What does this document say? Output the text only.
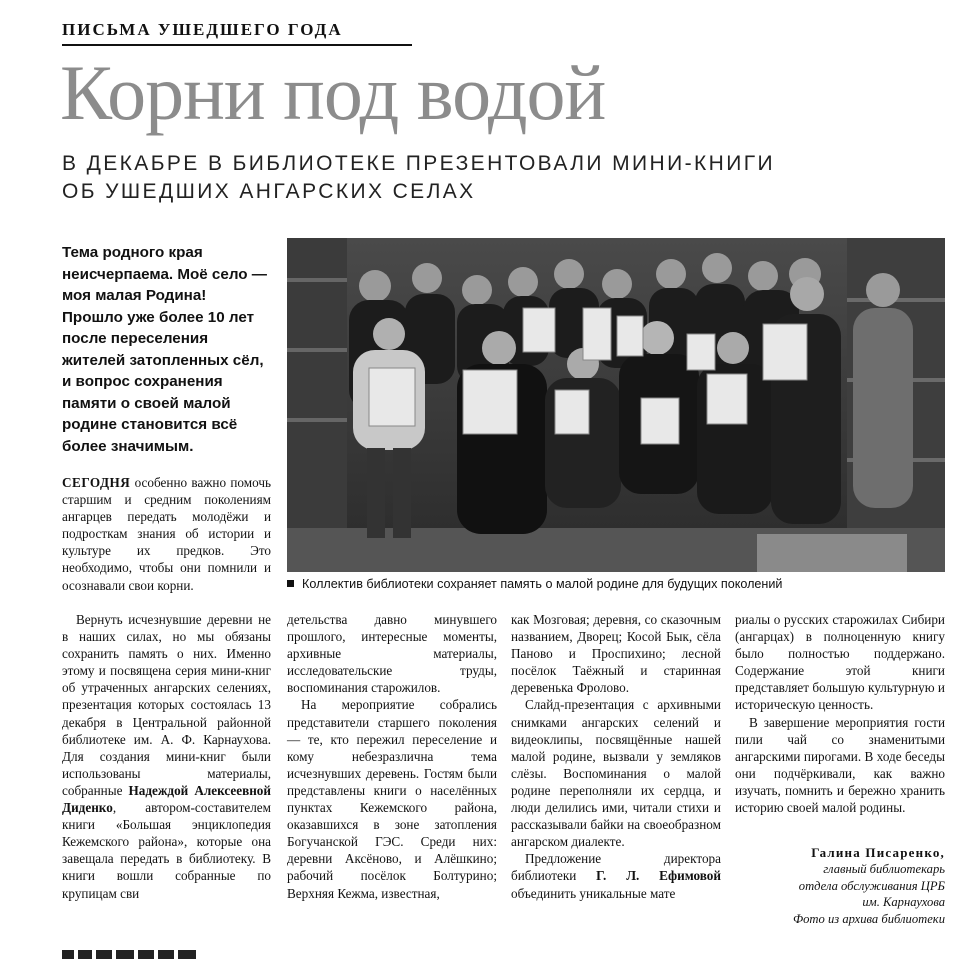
ПИСЬМА УШЕДШЕГО ГОДА
Корни под водой
В ДЕКАБРЕ В БИБЛИОТЕКЕ ПРЕЗЕНТОВАЛИ МИНИ-КНИГИ
ОБ УШЕДШИХ АНГАРСКИХ СЕЛАХ
Тема родного края неисчерпаема. Моё село — моя малая Родина! Прошло уже более 10 лет после переселения жителей затопленных сёл, и вопрос сохранения памяти о своей малой родине становится всё более значимым.
Коллектив библиотеки сохраняет память о малой родине для будущих поколений

СЕГОДНЯ особенно важно помочь старшим и средним поколениям ангарцев передать молодёжи и подросткам знания об истории и культуре их предков. Это необходимо, чтобы они помнили и осознавали свои корни.

Вернуть исчезнувшие деревни не в наших силах, но мы обязаны сохранить память о них. Именно этому и посвящена серия мини-книг об утраченных ангарских селениях, презентация которых состоялась 13 декабря в Центральной районной библиотеке им. А. Ф. Карнаухова. Для создания мини-книг были использованы материалы, собранные Надеждой Алексеевной Диденко, автором-составителем книги «Большая энциклопедия Кежемского района», которые она завещала передать в библиотеку. В книги вошли собранные по крупицам сви

детельства давно минувшего прошлого, интересные моменты, архивные материалы, исследовательские труды, воспоминания старожилов.

На мероприятие собрались представители старшего поколения — те, кто пережил переселение и кому небезразлична тема исчезнувших деревень. Гостям были представлены книги о населённых пунктах Кежемского района, оказавшихся в зоне затопления Богучанской ГЭС. Среди них: деревни Аксёново, и Алёшкино; рабочий посёлок Болтурино; Верхняя Кежма, известная,

как Мозговая; деревня, со сказочным названием, Дворец; Косой Бык, сёла Паново и Проспихино; лесной посёлок Таёжный и старинная деревенька Фролово.

Слайд-презентация с архивными снимками ангарских селений и видеоклипы, посвящённые нашей малой родине, вызвали у земляков слёзы. Воспоминания о малой родине переполняли их сердца, и люди делились ими, читали стихи и рассказывали байки на своеобразном ангарском диалекте.

Предложение директора библиотеки Г. Л. Ефимовой объединить уникальные мате

риалы о русских старожилах Сибири (ангарцах) в полноценную книгу было полностью поддержано. Содержание этой книги представляет большую культурную и историческую ценность.

В завершение мероприятия гости пили чай со знаменитыми ангарскими пирогами. В ходе беседы они подчёркивали, как важно изучать, помнить и бережно хранить историю своей малой родины.

Галина Писаренко,
главный библиотекарь
отдела обслуживания ЦРБ
им. Карнаухова
Фото из архива библиотеки
